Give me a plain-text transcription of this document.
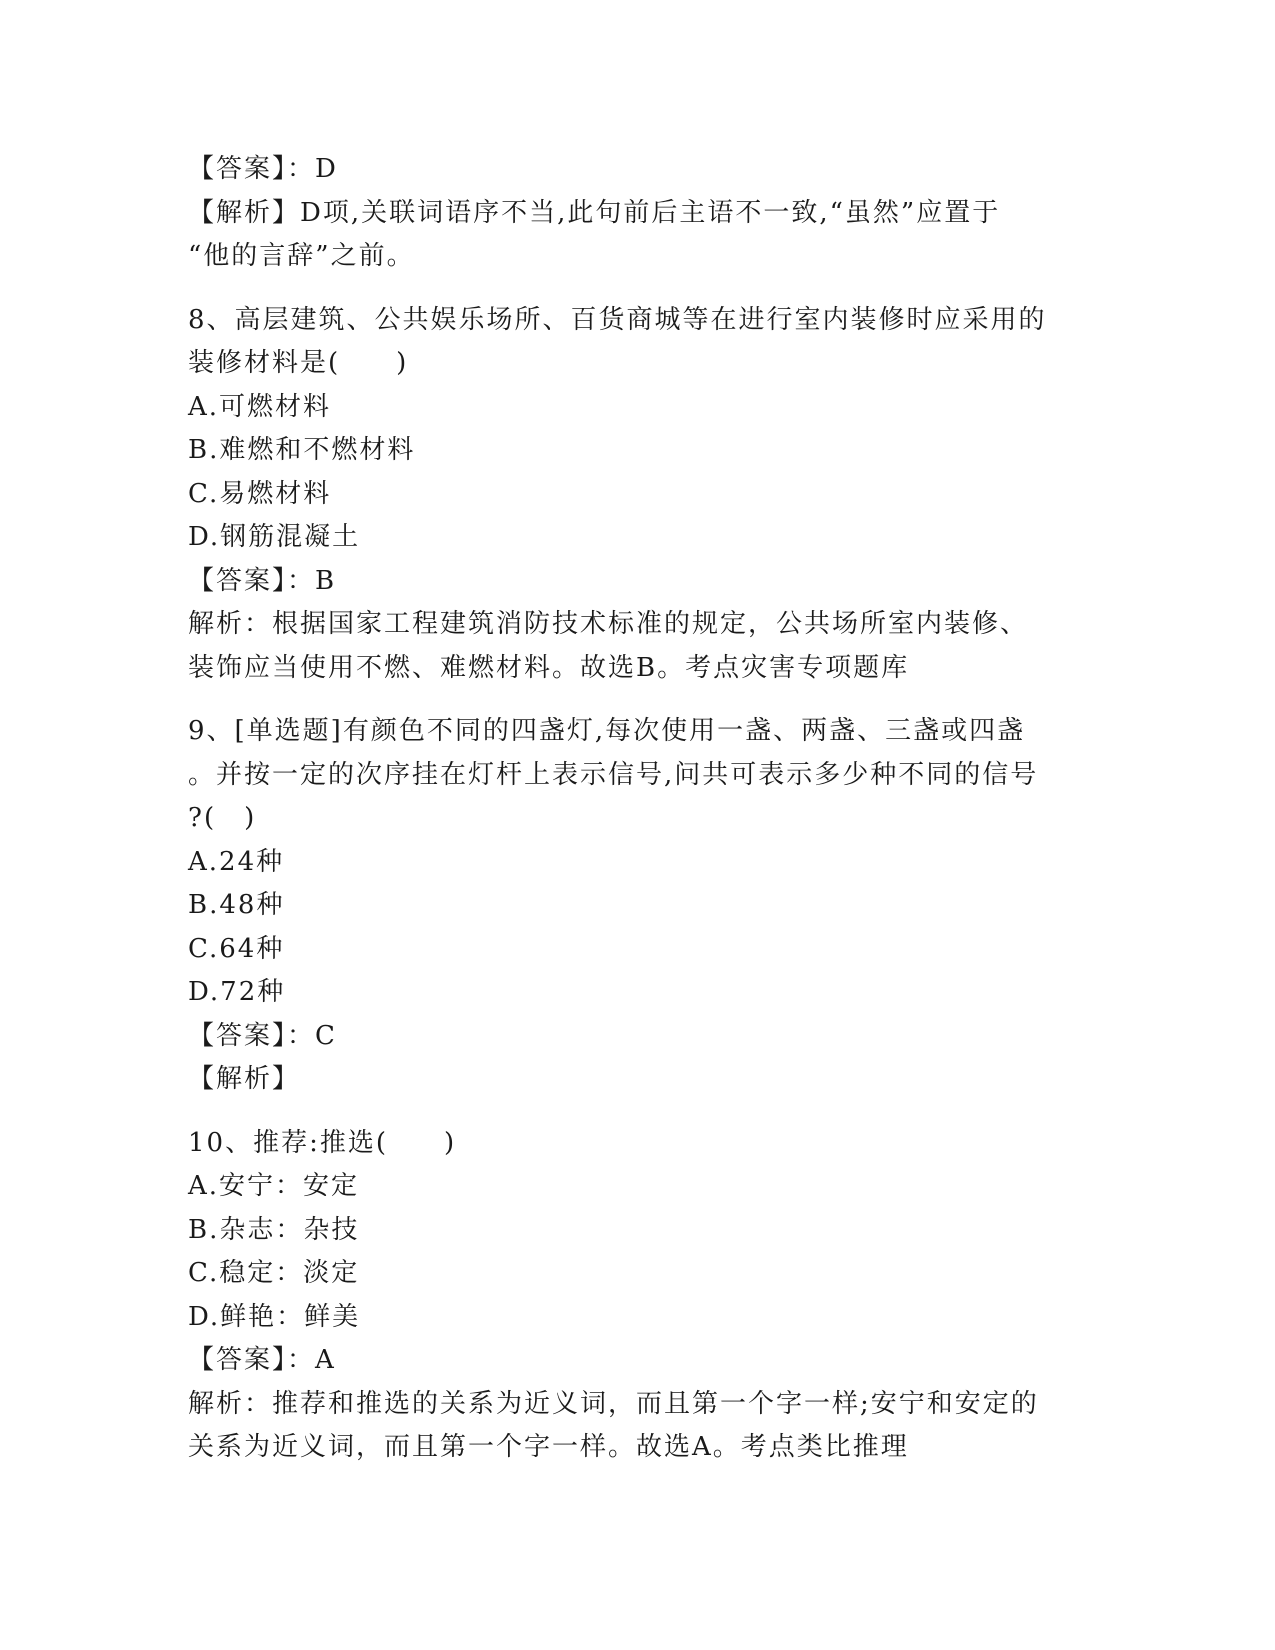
【答案】：D
【解析】D项,关联词语序不当,此句前后主语不一致,“虽然”应置于
“他的言辞”之前。
8、高层建筑、公共娱乐场所、百货商城等在进行室内装修时应采用的
装修材料是(　　)
A.可燃材料
B.难燃和不燃材料
C.易燃材料
D.钢筋混凝土
【答案】：B
解析：根据国家工程建筑消防技术标准的规定，公共场所室内装修、
装饰应当使用不燃、难燃材料。故选B。考点灾害专项题库
9、[单选题]有颜色不同的四盏灯,每次使用一盏、两盏、三盏或四盏
。并按一定的次序挂在灯杆上表示信号,问共可表示多少种不同的信号
?(　)
A.24种
B.48种
C.64种
D.72种
【答案】：C
【解析】
10、推荐:推选(　　)
A.安宁：安定
B.杂志：杂技
C.稳定：淡定
D.鲜艳：鲜美
【答案】：A
解析：推荐和推选的关系为近义词，而且第一个字一样;安宁和安定的
关系为近义词，而且第一个字一样。故选A。考点类比推理
